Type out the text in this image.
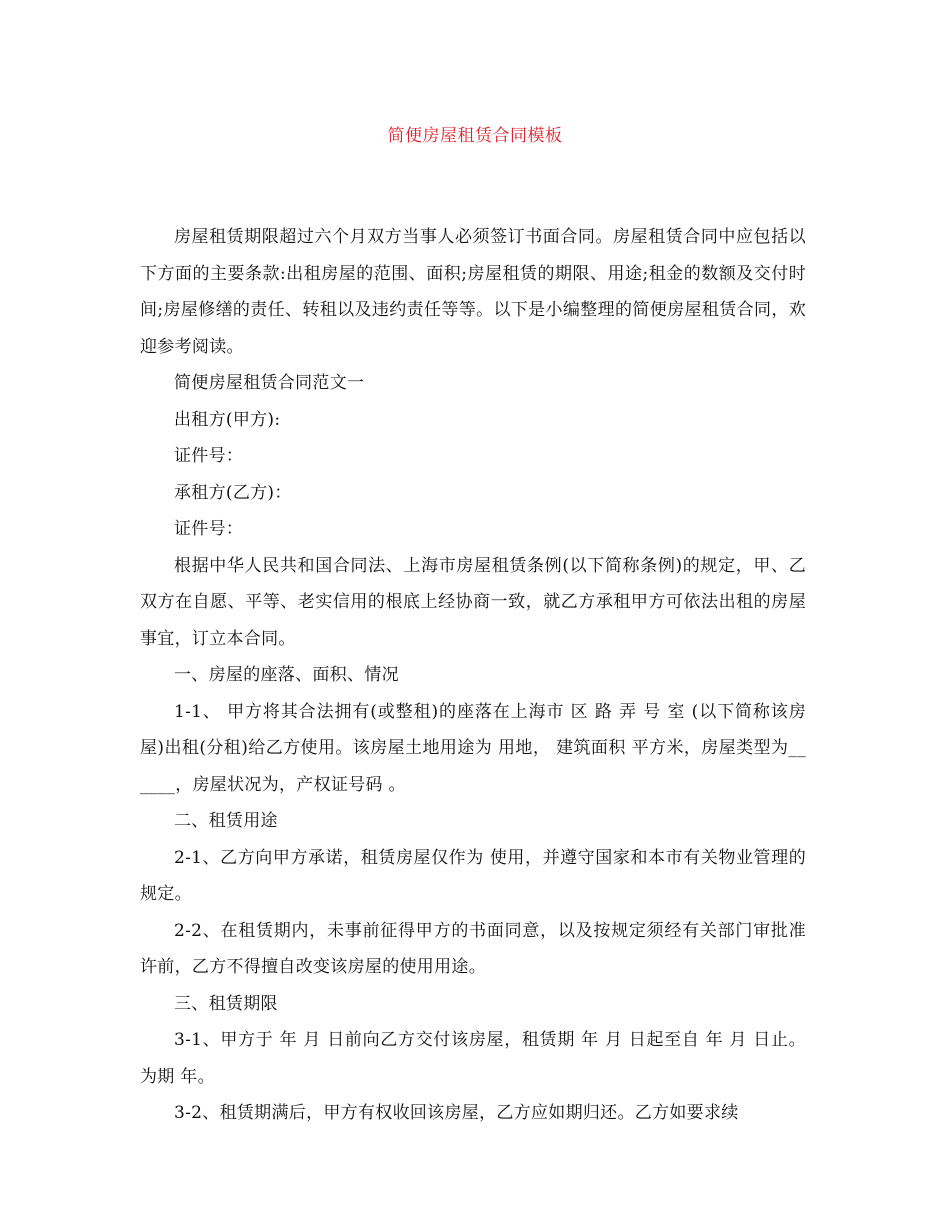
简便房屋租赁合同模板

房屋租赁期限超过六个月双方当事人必须签订书面合同。房屋租赁合同中应包括以下方面的主要条款:出租房屋的范围、面积;房屋租赁的期限、用途;租金的数额及交付时间;房屋修缮的责任、转租以及违约责任等等。以下是小编整理的简便房屋租赁合同，欢迎参考阅读。

简便房屋租赁合同范文一

出租方(甲方):

证件号：

承租方(乙方)：

证件号：

根据中华人民共和国合同法、上海市房屋租赁条例(以下简称条例)的规定，甲、乙双方在自愿、平等、老实信用的根底上经协商一致，就乙方承租甲方可依法出租的房屋事宜，订立本合同。

一、房屋的座落、面积、情况

1-1、 甲方将其合法拥有(或整租)的座落在上海市 区 路 弄 号 室 (以下简称该房屋)出租(分租)给乙方使用。该房屋土地用途为 用地， 建筑面积 平方米，房屋类型为__ ____，房屋状况为，产权证号码 。

二、租赁用途

2-1、乙方向甲方承诺，租赁房屋仅作为 使用，并遵守国家和本市有关物业管理的规定。

2-2、在租赁期内，未事前征得甲方的书面同意，以及按规定须经有关部门审批准许前，乙方不得擅自改变该房屋的使用用途。

三、租赁期限

3-1、甲方于 年 月 日前向乙方交付该房屋，租赁期 年 月 日起至自 年 月 日止。为期 年。

3-2、租赁期满后，甲方有权收回该房屋，乙方应如期归还。乙方如要求续
